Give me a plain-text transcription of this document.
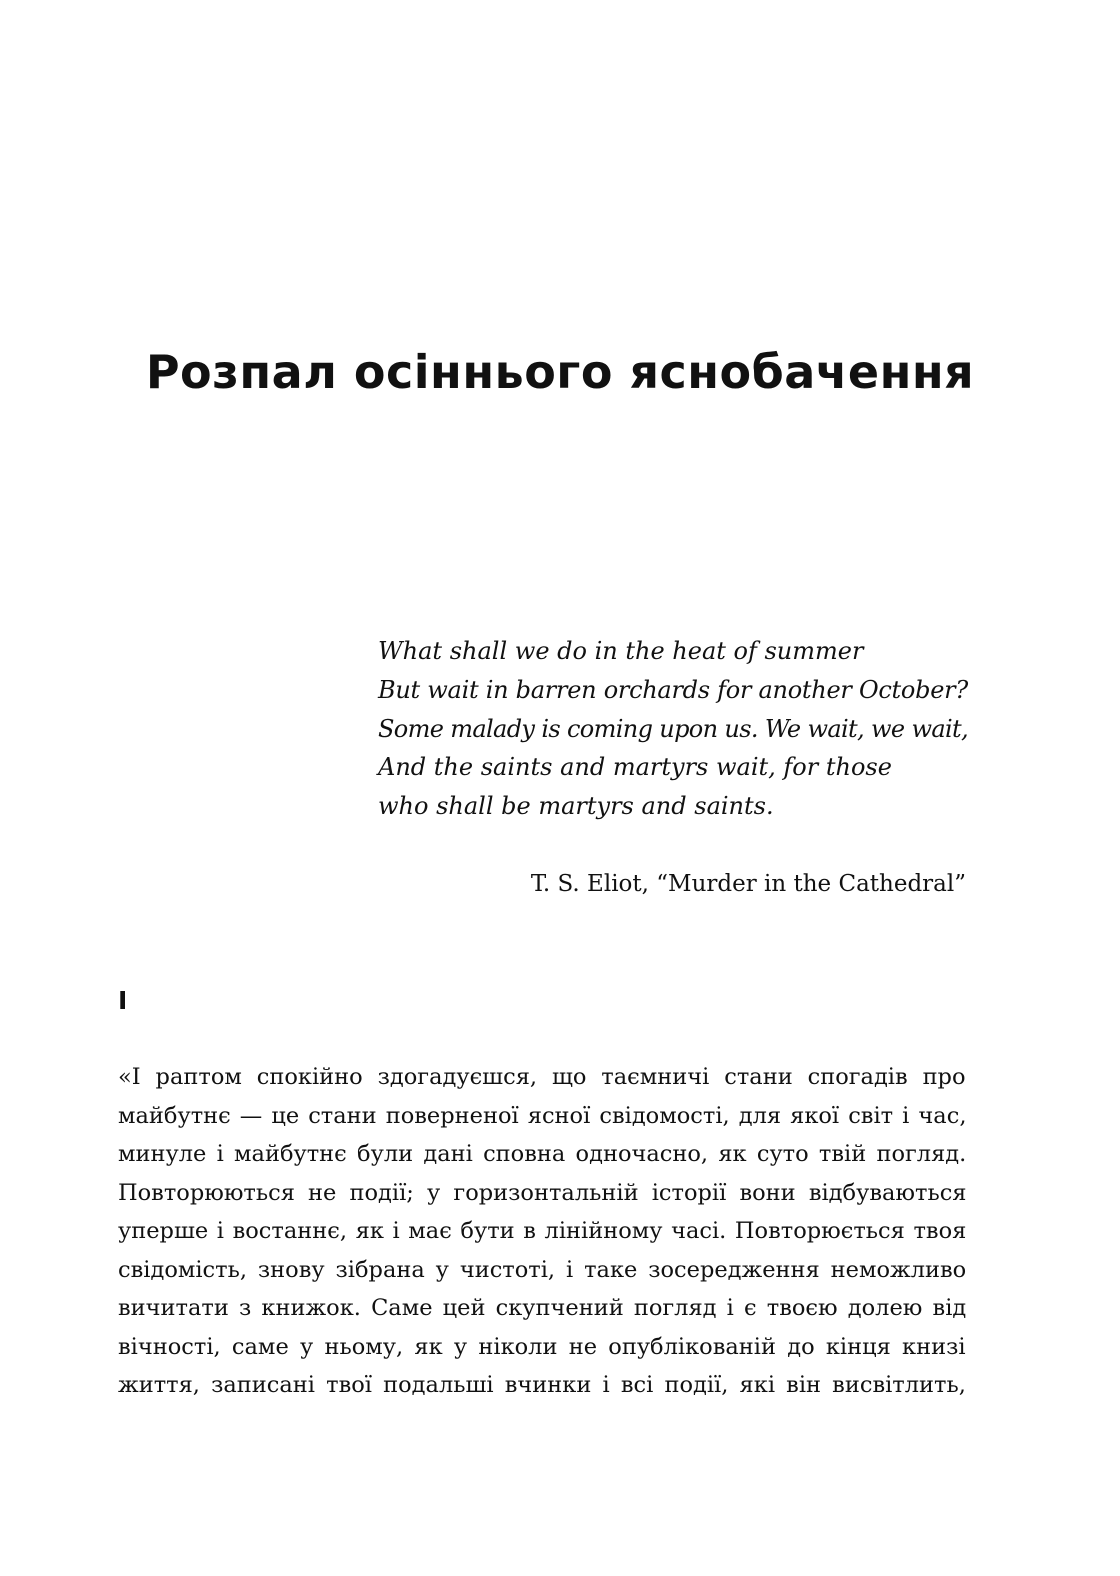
Розпал осіннього яснобачення
What shall we do in the heat of summer
But wait in barren orchards for another October?
Some malady is coming upon us. We wait, we wait,
And the saints and martyrs wait, for those
who shall be martyrs and saints.
T. S. Eliot, “Murder in the Cathedral”
I
«І раптом спокійно здогадуєшся, що таємничі стани спогадів про
майбутнє — це стани поверненої ясної свідомості, для якої світ і час,
минуле і майбутнє були дані сповна одночасно, як суто твій погляд.
Повторюються не події; у горизонтальній історії вони відбуваються
уперше і востаннє, як і має бути в лінійному часі. Повторюється твоя
свідомість, знову зібрана у чистоті, і таке зосередження неможливо
вичитати з книжок. Саме цей скупчений погляд і є твоєю долею від
вічності, саме у ньому, як у ніколи не опублікованій до кінця книзі
життя, записані твої подальші вчинки і всі події, які він висвітлить,
